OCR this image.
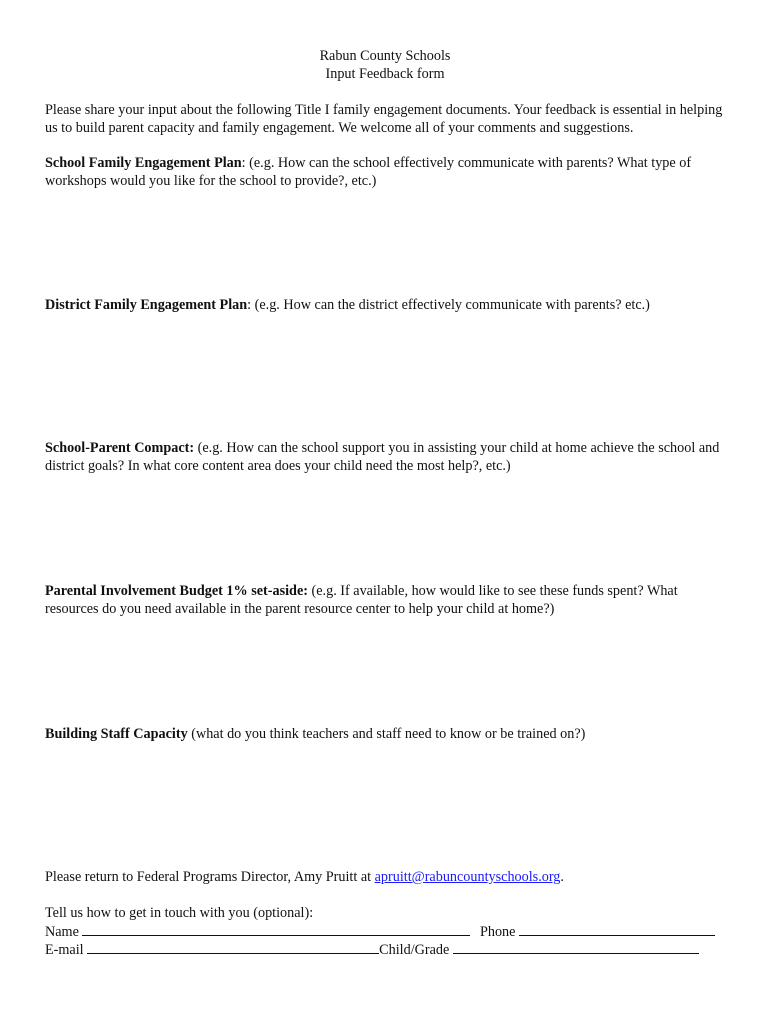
Rabun County Schools
Input Feedback form
Please share your input about the following Title I family engagement documents. Your feedback is essential in helping us to build parent capacity and family engagement. We welcome all of your comments and suggestions.
School Family Engagement Plan: (e.g. How can the school effectively communicate with parents? What type of workshops would you like for the school to provide?, etc.)
District Family Engagement Plan: (e.g. How can the district effectively communicate with parents? etc.)
School-Parent Compact: (e.g. How can the school support you in assisting your child at home achieve the school and district goals? In what core content area does your child need the most help?, etc.)
Parental Involvement Budget 1% set-aside: (e.g. If available, how would like to see these funds spent? What resources do you need available in the parent resource center to help your child at home?)
Building Staff Capacity (what do you think teachers and staff need to know or be trained on?)
Please return to Federal Programs Director, Amy Pruitt at apruitt@rabuncountyschools.org.
Tell us how to get in touch with you (optional):
Name	Phone
E-mail	Child/Grade
